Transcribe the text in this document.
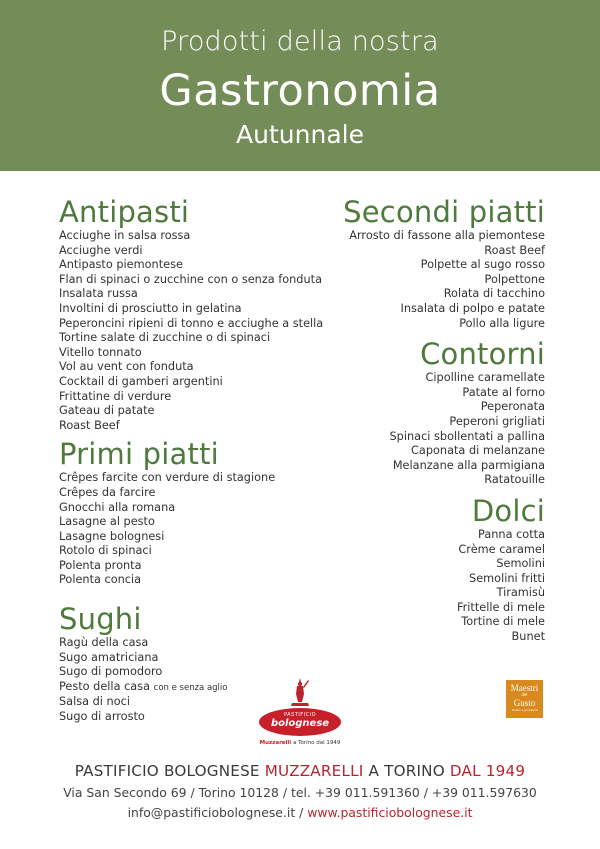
Prodotti della nostra
Gastronomia
Autunnale
Antipasti
Acciughe in salsa rossa
Acciughe verdi
Antipasto piemontese
Flan di spinaci o zucchine con o senza fonduta
Insalata russa
Involtini di prosciutto in gelatina
Peperoncini ripieni di tonno e acciughe a stella
Tortine salate di zucchine o di spinaci
Vitello tonnato
Vol au vent con fonduta
Cocktail di gamberi argentini
Frittatine di verdure
Gateau di patate
Roast Beef
Primi piatti
Crêpes farcite con verdure di stagione
Crêpes da farcire
Gnocchi alla romana
Lasagne al pesto
Lasagne bolognesi
Rotolo di spinaci
Polenta pronta
Polenta concia
Sughi
Ragù della casa
Sugo amatriciana
Sugo di pomodoro
Pesto della casa con e senza aglio
Salsa di noci
Sugo di arrosto
Secondi piatti
Arrosto di fassone alla piemontese
Roast Beef
Polpette al sugo rosso
Polpettone
Rolata di tacchino
Insalata di polpo e patate
Pollo alla ligure
Contorni
Cipolline caramellate
Patate al forno
Peperonata
Peperoni grigliati
Spinaci sbollentati a pallina
Caponata di melanzane
Melanzane alla parmigiana
Ratatouille
Dolci
Panna cotta
Crème caramel
Semolini
Semolini fritti
Tiramisù
Frittelle di mele
Tortine di mele
Bunet
PASTIFICIO
bolognese
Muzzarelli a Torino dal 1949
Maestri
del
Gusto
Torino e provincia
PASTIFICIO BOLOGNESE MUZZARELLI A TORINO DAL 1949
Via San Secondo 69 / Torino 10128 / tel. +39 011.591360 / +39 011.597630
info@pastificiobolognese.it / www.pastificiobolognese.it
